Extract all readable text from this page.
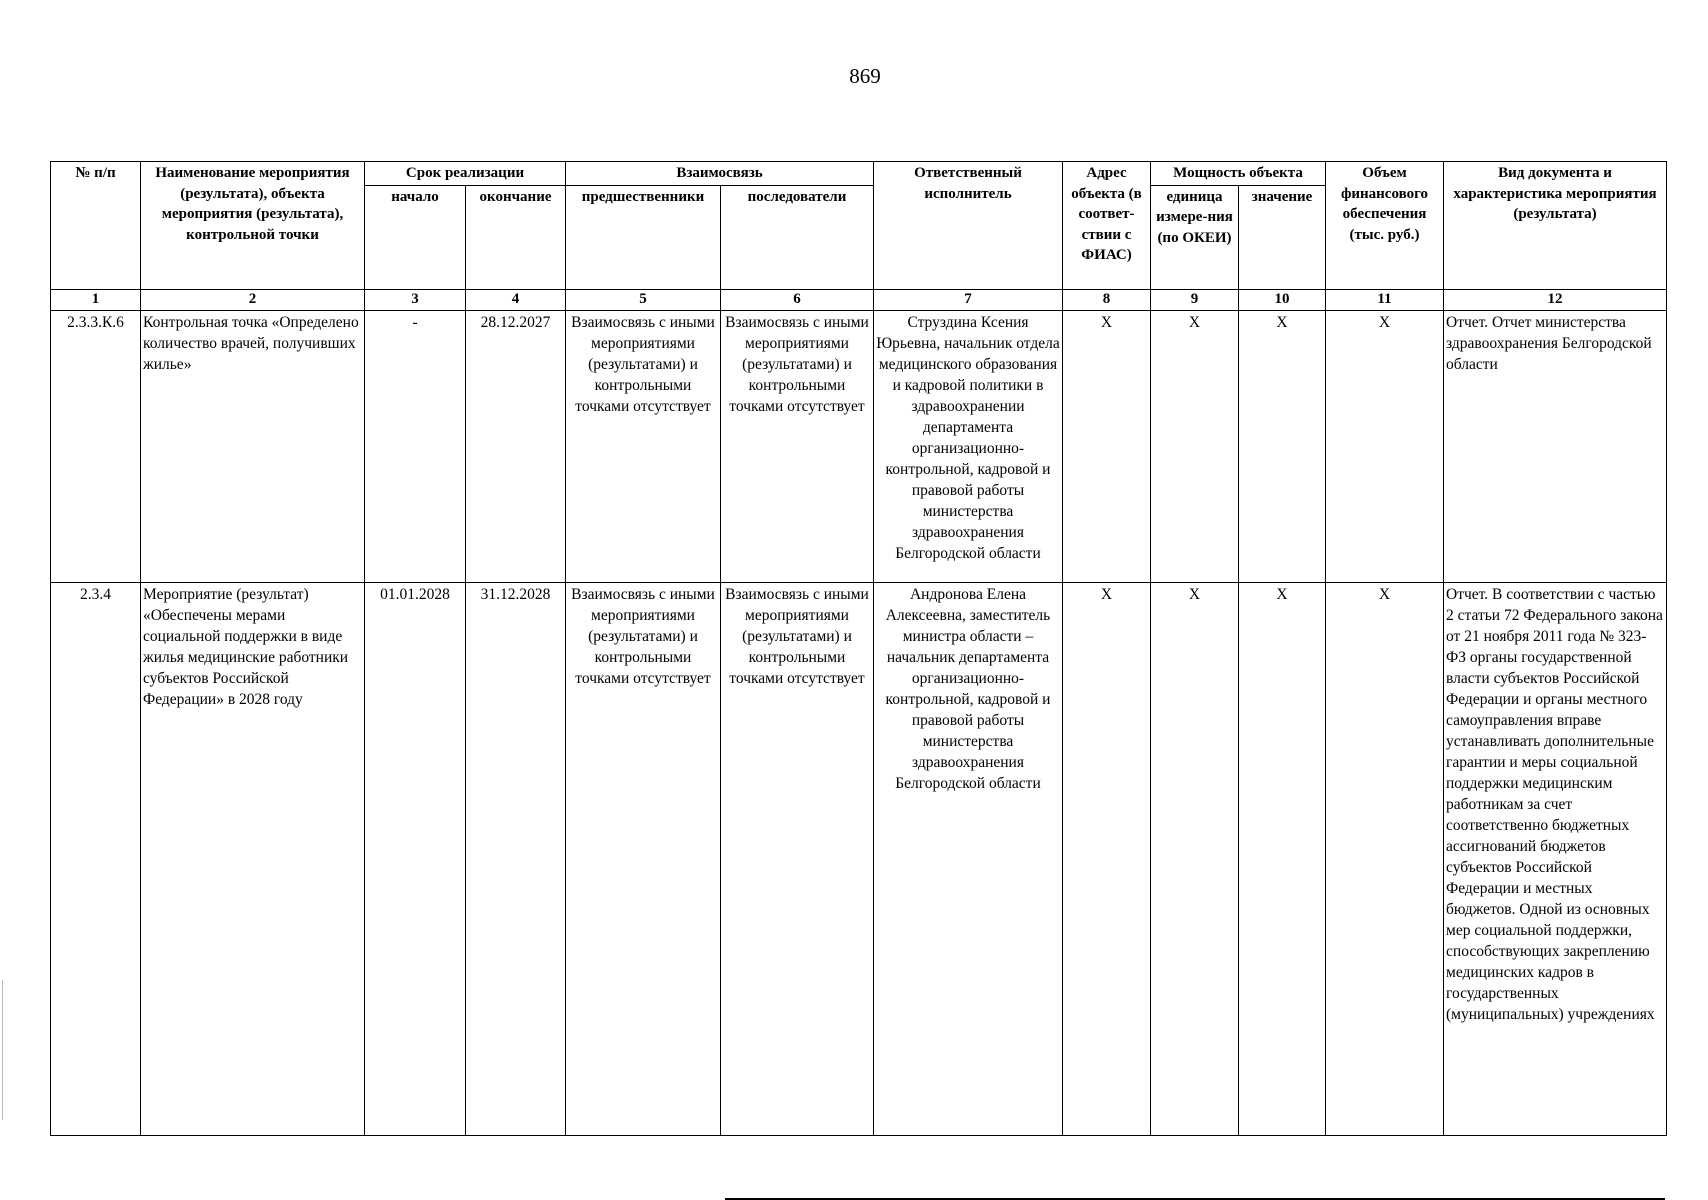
869
№ п/п	Наименование мероприятия (результата), объекта мероприятия (результата), контрольной точки	Срок реализации		Взаимосвязь		Ответственный исполнитель	Адрес объекта (в соответ-ствии с ФИАС)	Мощность объекта		Объем финансового обеспечения (тыс. руб.)	Вид документа и характеристика мероприятия (результата)
		начало	окончание	предшественники	последователи			единица измере-ния (по ОКЕИ)	значение		
1	2	3	4	5	6	7	8	9	10	11	12
2.3.3.К.6	Контрольная точка «Определено количество врачей, получивших жилье»	-	28.12.2027	Взаимосвязь с иными мероприятиями (результатами) и контрольными точками отсутствует	Взаимосвязь с иными мероприятиями (результатами) и контрольными точками отсутствует	Струздина Ксения Юрьевна, начальник отдела медицинского образования и кадровой политики в здравоохранении департамента организационно-контрольной, кадровой и правовой работы министерства здравоохранения Белгородской области	X	X	X	X	Отчет. Отчет министерства здравоохранения Белгородской области
2.3.4	Мероприятие (результат) «Обеспечены мерами социальной поддержки в виде жилья медицинские работники субъектов Российской Федерации» в 2028 году	01.01.2028	31.12.2028	Взаимосвязь с иными мероприятиями (результатами) и контрольными точками отсутствует	Взаимосвязь с иными мероприятиями (результатами) и контрольными точками отсутствует	Андронова Елена Алексеевна, заместитель министра области – начальник департамента организационно-контрольной, кадровой и правовой работы министерства здравоохранения Белгородской области	X	X	X	X	Отчет. В соответствии с частью 2 статьи 72 Федерального закона от 21 ноября 2011 года № 323-ФЗ органы государственной власти субъектов Российской Федерации и органы местного самоуправления вправе устанавливать дополнительные гарантии и меры социальной поддержки медицинским работникам за счет соответственно бюджетных ассигнований бюджетов субъектов Российской Федерации и местных бюджетов. Одной из основных мер социальной поддержки, способствующих закреплению медицинских кадров в государственных (муниципальных) учреждениях
